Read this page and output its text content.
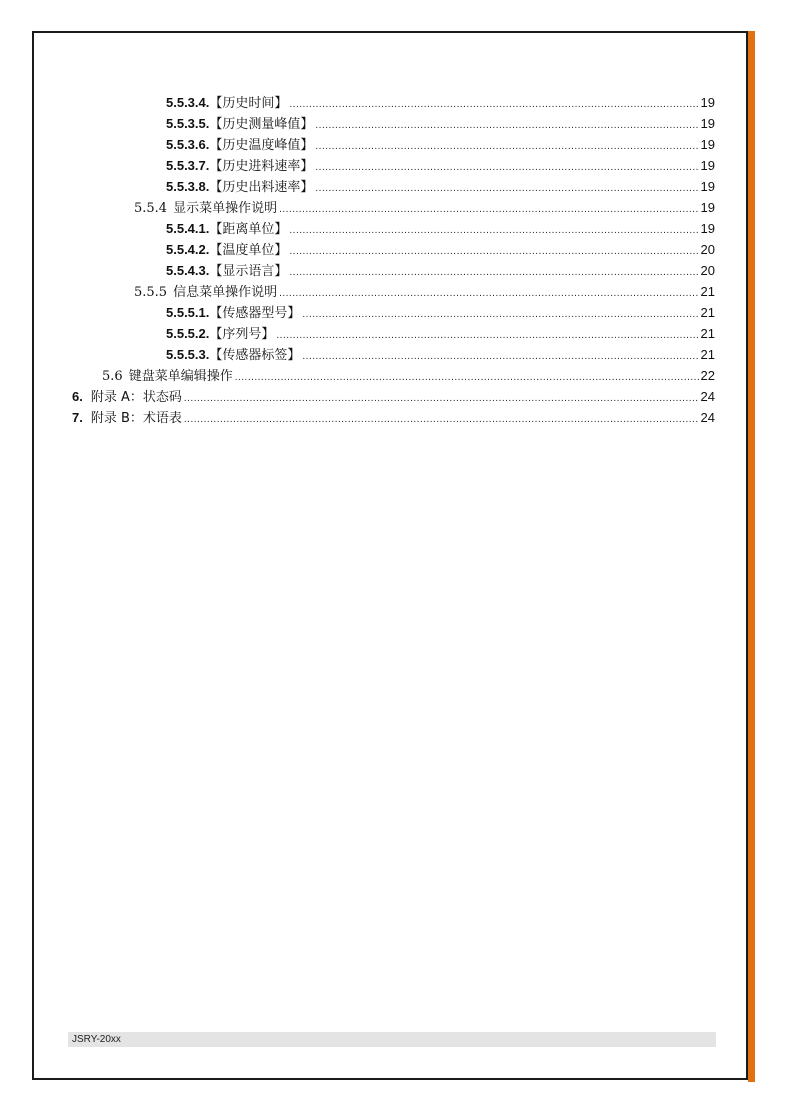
5.5.3.4. 【历史时间】 .....	19
5.5.3.5. 【历史测量峰值】 .....	19
5.5.3.6. 【历史温度峰值】 .....	19
5.5.3.7. 【历史进料速率】 .....	19
5.5.3.8. 【历史出料速率】 .....	19
5.5.4 显示菜单操作说明 .....	19
5.5.4.1. 【距离单位】 .....	19
5.5.4.2. 【温度单位】 .....	20
5.5.4.3. 【显示语言】 .....	20
5.5.5 信息菜单操作说明 .....	21
5.5.5.1. 【传感器型号】 .....	21
5.5.5.2. 【序列号】 .....	21
5.5.5.3. 【传感器标签】 .....	21
5.6 键盘菜单编辑操作 .....	22
6. 附录 A：状态码 .....	24
7. 附录 B：术语表 .....	24
JSRY-20xx
